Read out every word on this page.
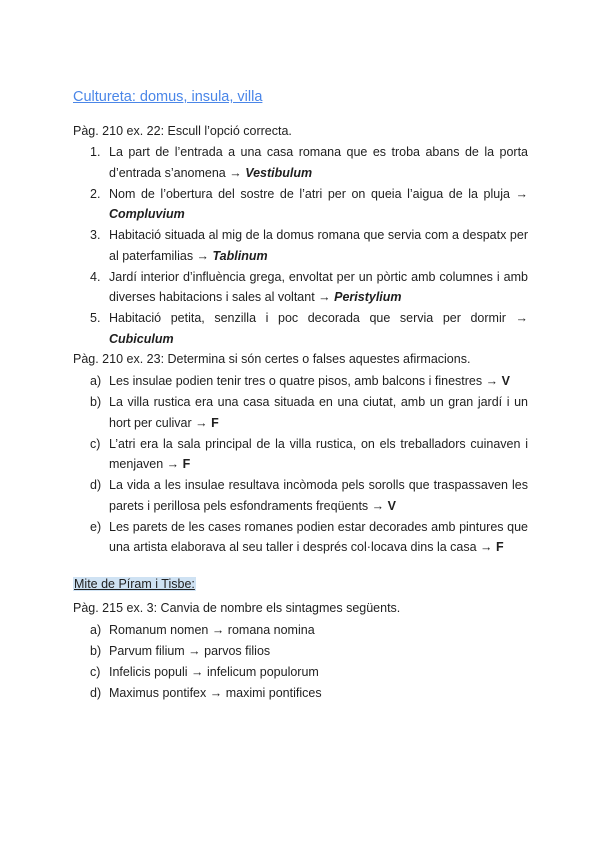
Cultureta: domus, insula, villa
Pàg. 210 ex. 22: Escull l’opció correcta.
1. La part de l’entrada a una casa romana que es troba abans de la porta d’entrada s’anomena → Vestibulum
2. Nom de l’obertura del sostre de l’atri per on queia l’aigua de la pluja → Compluvium
3. Habitació situada al mig de la domus romana que servia com a despatx per al paterfamilias → Tablinum
4. Jardí interior d’influència grega, envoltat per un pòrtic amb columnes i amb diverses habitacions i sales al voltant → Peristylium
5. Habitació petita, senzilla i poc decorada que servia per dormir → Cubiculum
Pàg. 210 ex. 23: Determina si són certes o falses aquestes afirmacions.
a) Les insulae podien tenir tres o quatre pisos, amb balcons i finestres → V
b) La villa rustica era una casa situada en una ciutat, amb un gran jardí i un hort per culivar → F
c) L’atri era la sala principal de la villa rustica, on els treballadors cuinaven i menjaven → F
d) La vida a les insulae resultava incòmoda pels sorolls que traspassaven les parets i perillosa pels esfondraments freqüents → V
e) Les parets de les cases romanes podien estar decorades amb pintures que una artista elaborava al seu taller i després col·locava dins la casa → F
Mite de Píram i Tisbe:
Pàg. 215 ex. 3: Canvia de nombre els sintagmes següents.
a) Romanum nomen → romana nomina
b) Parvum filium → parvos filios
c) Infelicis populi → infelicum populorum
d) Maximus pontifex → maximi pontifices
